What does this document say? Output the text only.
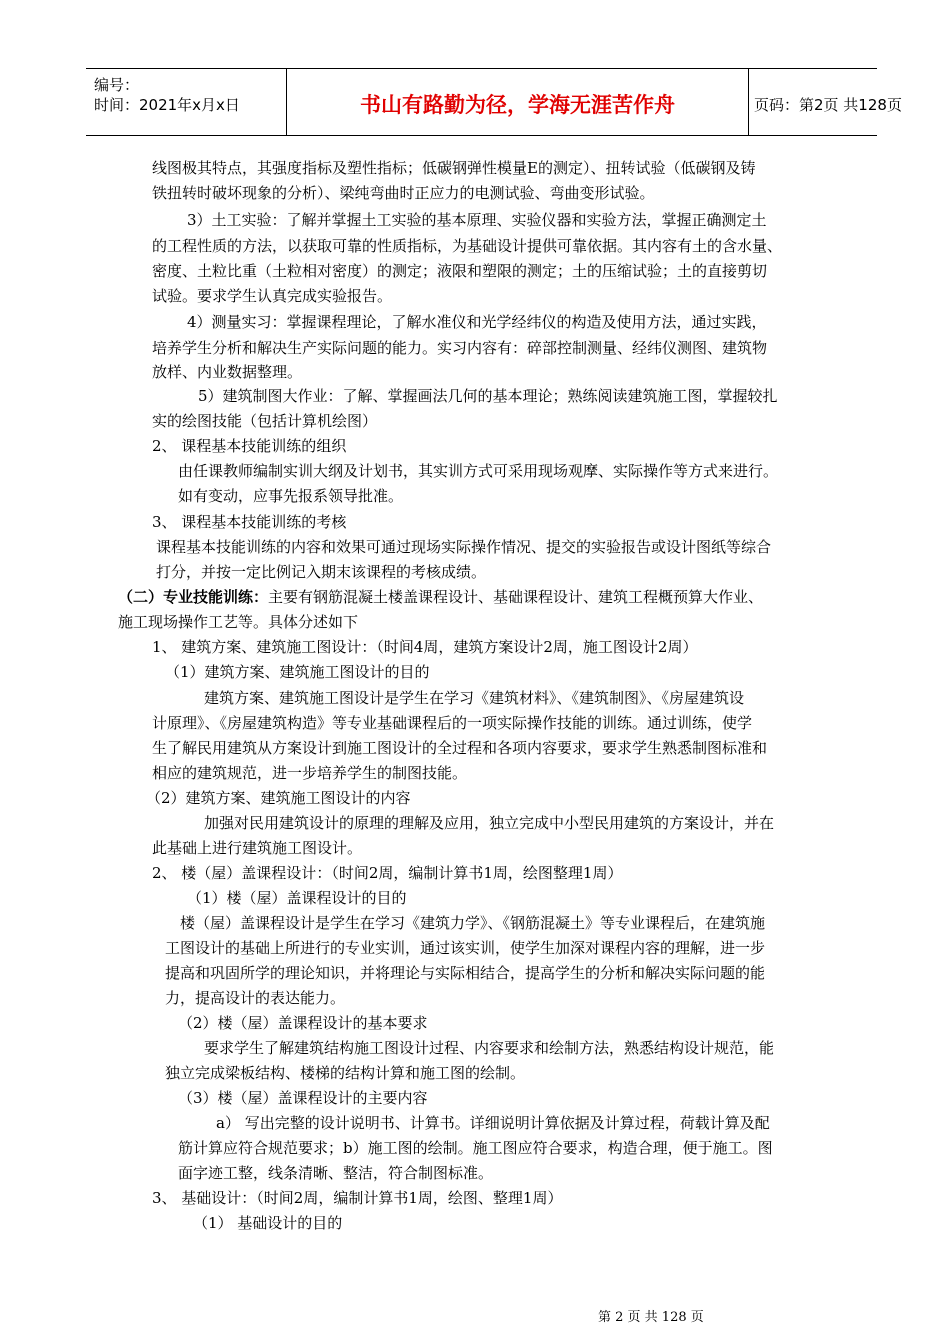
编号：
时间：2021年x月x日	书山有路勤为径，学海无涯苦作舟	页码：第2页 共128页
线图极其特点，其强度指标及塑性指标；低碳钢弹性模量E的测定）、扭转试验（低碳钢及铸
铁扭转时破坏现象的分析）、梁纯弯曲时正应力的电测试验、弯曲变形试验。
3）土工实验：了解并掌握土工实验的基本原理、实验仪器和实验方法，掌握正确测定土
的工程性质的方法，以获取可靠的性质指标，为基础设计提供可靠依据。其内容有土的含水量、
密度、土粒比重（土粒相对密度）的测定；液限和塑限的测定；土的压缩试验；土的直接剪切
试验。要求学生认真完成实验报告。
4）测量实习：掌握课程理论，了解水准仪和光学经纬仪的构造及使用方法，通过实践，
培养学生分析和解决生产实际问题的能力。实习内容有：碎部控制测量、经纬仪测图、建筑物
放样、内业数据整理。
5）建筑制图大作业：了解、掌握画法几何的基本理论；熟练阅读建筑施工图，掌握较扎
实的绘图技能（包括计算机绘图）
2、 课程基本技能训练的组织
由任课教师编制实训大纲及计划书，其实训方式可采用现场观摩、实际操作等方式来进行。
如有变动，应事先报系领导批准。
3、 课程基本技能训练的考核
课程基本技能训练的内容和效果可通过现场实际操作情况、提交的实验报告或设计图纸等综合
打分，并按一定比例记入期末该课程的考核成绩。
（二）专业技能训练：主要有钢筋混凝土楼盖课程设计、基础课程设计、建筑工程概预算大作业、
施工现场操作工艺等。具体分述如下
1、 建筑方案、建筑施工图设计：（时间4周，建筑方案设计2周，施工图设计2周）
（1）建筑方案、建筑施工图设计的目的
建筑方案、建筑施工图设计是学生在学习《建筑材料》、《建筑制图》、《房屋建筑设
计原理》、《房屋建筑构造》等专业基础课程后的一项实际操作技能的训练。通过训练，使学
生了解民用建筑从方案设计到施工图设计的全过程和各项内容要求，要求学生熟悉制图标准和
相应的建筑规范，进一步培养学生的制图技能。
（2）建筑方案、建筑施工图设计的内容
加强对民用建筑设计的原理的理解及应用，独立完成中小型民用建筑的方案设计，并在
此基础上进行建筑施工图设计。
2、 楼（屋）盖课程设计：（时间2周，编制计算书1周，绘图整理1周）
（1）楼（屋）盖课程设计的目的
楼（屋）盖课程设计是学生在学习《建筑力学》、《钢筋混凝土》等专业课程后，在建筑施
工图设计的基础上所进行的专业实训，通过该实训，使学生加深对课程内容的理解，进一步
提高和巩固所学的理论知识，并将理论与实际相结合，提高学生的分析和解决实际问题的能
力，提高设计的表达能力。
（2）楼（屋）盖课程设计的基本要求
要求学生了解建筑结构施工图设计过程、内容要求和绘制方法，熟悉结构设计规范，能
独立完成梁板结构、楼梯的结构计算和施工图的绘制。
（3）楼（屋）盖课程设计的主要内容
a） 写出完整的设计说明书、计算书。详细说明计算依据及计算过程，荷载计算及配
筋计算应符合规范要求；b）施工图的绘制。施工图应符合要求，构造合理，便于施工。图
面字迹工整，线条清晰、整洁，符合制图标准。
3、 基础设计：（时间2周，编制计算书1周，绘图、整理1周）
（1） 基础设计的目的
第 2 页 共 128 页
